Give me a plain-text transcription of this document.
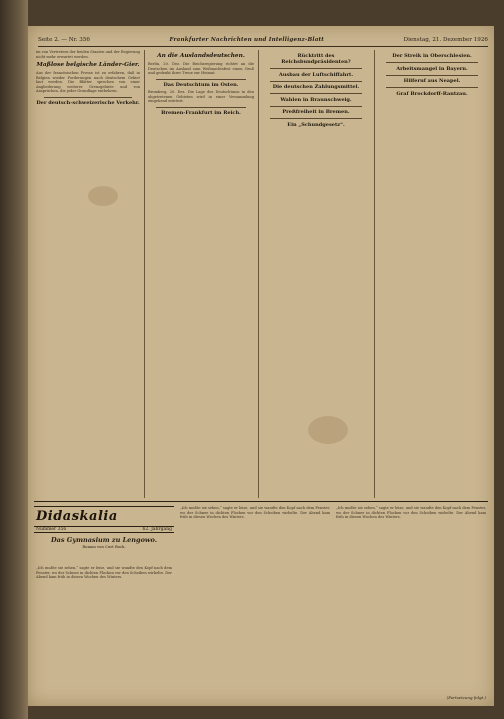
Seite 2. — Nr. 356	Frankfurter Nachrichten und Intelligenz-Blatt	Dienstag, 21. Dezember 1926

im von Vertretern der beiden Staaten und der Regierung nicht mehr erwartet werden.

Maßlose belgische Länder-Gier.

Aus der französischen Presse ist zu erfahren, daß in Belgien wieder Forderungen nach deutschem Gebiet laut werden. Die Blätter sprechen von einer Angliederung weiterer Grenzgebiete und von Ansprüchen, die jeder Grundlage entbehren.

Der deutsch-schweizerische Verkehr.
An die Auslandsdeutschen.

Berlin, 20. Dez. Die Reichsregierung richtet an die Deutschen im Ausland zum Weihnachtsfest einen Gruß und gedenkt ihrer Treue zur Heimat.

Das Deutschtum im Osten.

Bromberg, 20. Dez. Die Lage des Deutschtums in den abgetretenen Gebieten wird in einer Versammlung eingehend erörtert.

Bremen-Frankfurt im Reich.
Rücktritt des Reichsbundpräsidenten?
Ausbau der Luftschiffahrt.
Die deutschen Zahlungsmittel.
Wahlen in Braunschweig.
Preßfreiheit in Bremen.
Ein „Schundgesetz“.
Der Streik in Oberschlesien.
Arbeitsmangel in Bayern.
Hilferuf aus Neapel.
Graf Brockdorff-Rantzau.
Didaskalia
Nummer 356	62. Jahrgang
Das Gymnasium zu Lengowo.
Roman von Curt Bock.

„Ich mußte sie sehen,“ sagte er leise, und sie wandte den Kopf nach dem Fenster, wo der Schnee in dichten Flocken vor den Scheiben wirbelte. Der Abend kam früh in diesen Wochen des Winters.

„Ich mußte sie sehen,“ sagte er leise, und sie wandte den Kopf nach dem Fenster, wo der Schnee in dichten Flocken vor den Scheiben wirbelte. Der Abend kam früh in diesen Wochen des Winters.

„Ich mußte sie sehen,“ sagte er leise, und sie wandte den Kopf nach dem Fenster, wo der Schnee in dichten Flocken vor den Scheiben wirbelte. Der Abend kam früh in diesen Wochen des Winters.

(Fortsetzung folgt.)
